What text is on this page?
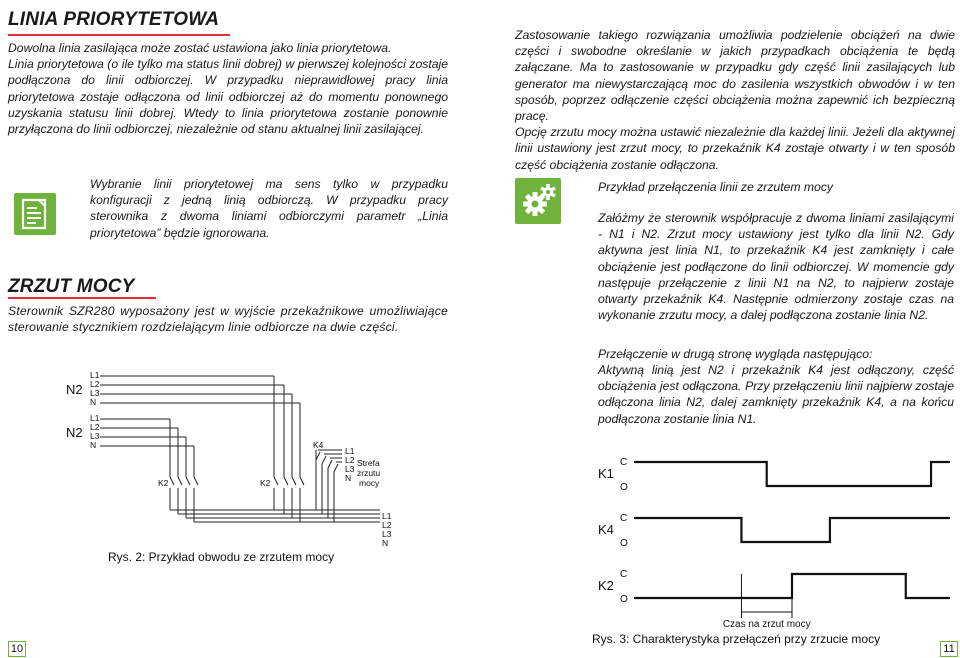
LINIA PRIORYTETOWA

Dowolna linia zasilająca może zostać ustawiona jako linia priorytetowa.

Linia priorytetowa (o ile tylko ma status linii dobrej) w pierwszej kolejności zostaje podłączona do linii odbiorczej. W przypadku nieprawidłowej pracy linia priorytetowa zostaje odłączona od linii odbiorczej aż do momentu ponownego uzyskania statusu linii dobrej. Wtedy to linia priorytetowa zostanie ponownie przyłączona do linii odbiorczej, niezależnie od stanu aktualnej linii zasilającej.

Wybranie linii priorytetowej ma sens tylko w przypadku konfiguracji z jedną linią odbiorczą. W przypadku pracy sterownika z dwoma liniami odbiorczymi parametr „Linia priorytetowa” będzie ignorowana.
ZRZUT MOCY
Sterownik SZR280 wyposażony jest w wyjście przekaźnikowe umożliwiające sterowanie stycznikiem rozdzielającym linie odbiorcze na dwie części.
N2
N2
L1
L2
L3
N
L1
L2
L3
N
K2	K2
K4
L1
L2
L3
N
Strefa
zrzutu
mocy
L1
L2
L3
N
Rys. 2: Przykład obwodu ze zrzutem mocy
10

Zastosowanie takiego rozwiązania umożliwia podzielenie obciążeń na dwie części i swobodne określanie w jakich przypadkach obciążenia te będą załączane. Ma to zastosowanie w przypadku gdy część linii zasilających lub generator ma niewystarczającą moc do zasilenia wszystkich obwodów i w ten sposób, poprzez odłączenie części obciążenia można zapewnić ich bezpieczną pracę.

Opcję zrzutu mocy można ustawić niezależnie dla każdej linii. Jeżeli dla aktywnej linii ustawiony jest zrzut mocy, to przekaźnik K4 zostaje otwarty i w ten sposób część obciążenia zostanie odłączona.

Przykład przełączenia linii ze zrzutem mocy
Załóżmy że sterownik współpracuje z dwoma liniami zasilającymi - N1 i N2. Zrzut mocy ustawiony jest tylko dla linii N2. Gdy aktywna jest linia N1, to przekaźnik K4 jest zamknięty i całe obciążenie jest podłączone do linii odbiorczej. W momencie gdy następuje przełączenie z linii N1 na N2, to najpierw zostaje otwarty przekaźnik K4. Następnie odmierzony zostaje czas na wykonanie zrzutu mocy, a dalej podłączona zostanie linia N2.
Przełączenie w drugą stronę wygląda następująco:
Aktywną linią jest N2 i przekaźnik K4 jest odłączony, część obciążenia jest odłączona. Przy przełączeniu linii najpierw zostaje odłączona linia N2, dalej zamknięty przekaźnik K4, a na końcu podłączona zostanie linia N1.
K1
C
O
K4
C
O
K2
C
O
Czas na zrzut mocy
Rys. 3: Charakterystyka przełączeń przy zrzucie mocy
11
